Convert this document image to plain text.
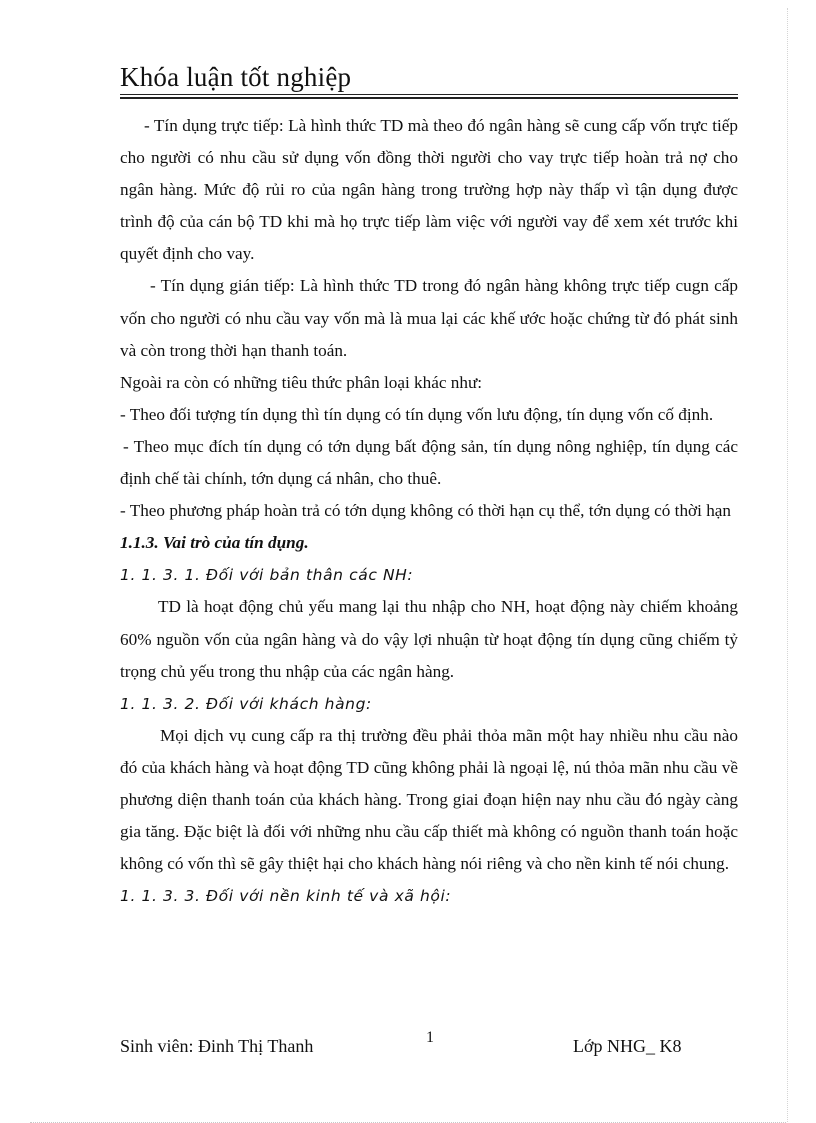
Khóa luận tốt nghiệp

- Tín dụng trực tiếp: Là hình thức TD mà theo đó ngân hàng sẽ cung cấp vốn trực tiếp cho người có nhu cầu sử dụng vốn đồng thời người cho vay trực tiếp hoàn trả nợ cho ngân hàng. Mức độ rủi ro của ngân hàng trong trường hợp này thấp vì tận dụng được trình độ của cán bộ TD khi mà họ trực tiếp làm việc với người vay để xem xét trước khi quyết định cho vay.

- Tín dụng gián tiếp: Là hình thức TD trong đó ngân hàng không trực tiếp cugn cấp vốn cho người có nhu cầu vay vốn mà là mua lại các khế ước hoặc chứng từ đó phát sinh và còn trong thời hạn thanh toán.

Ngoài ra còn có những tiêu thức phân loại khác như:

- Theo đối tượng tín dụng thì tín dụng có tín dụng vốn lưu động, tín dụng vốn cố định.

- Theo mục đích tín dụng có tớn dụng bất động sản, tín dụng nông nghiệp, tín dụng các định chế tài chính, tớn dụng cá nhân, cho thuê.

- Theo phương pháp hoàn trả có tớn dụng không có thời hạn cụ thể, tớn dụng có thời hạn

1.1.3. Vai trò của tín dụng.

1. 1. 3. 1. Đối với bản thân các NH:

TD là hoạt động chủ yếu mang lại thu nhập cho NH, hoạt động này chiếm khoảng 60% nguồn vốn của ngân hàng và do vậy lợi nhuận từ hoạt động tín dụng cũng chiếm tỷ trọng chủ yếu trong thu nhập của các ngân hàng.

1. 1. 3. 2. Đối với khách hàng:

Mọi dịch vụ cung cấp ra thị trường đều phải thỏa mãn một hay nhiều nhu cầu nào đó của khách hàng và hoạt động TD cũng không phải là ngoại lệ, nú thỏa mãn nhu cầu về phương diện thanh toán của khách hàng. Trong giai đoạn hiện nay nhu cầu đó ngày càng gia tăng. Đặc biệt là đối với những nhu cầu cấp thiết mà không có nguồn thanh toán hoặc không có vốn thì sẽ gây thiệt hại cho khách hàng nói riêng và cho nền kinh tế nói chung.

1. 1. 3. 3. Đối với nền kinh tế và xã hội:

Sinh viên: Đinh Thị Thanh	1	Lớp NHG_ K8
